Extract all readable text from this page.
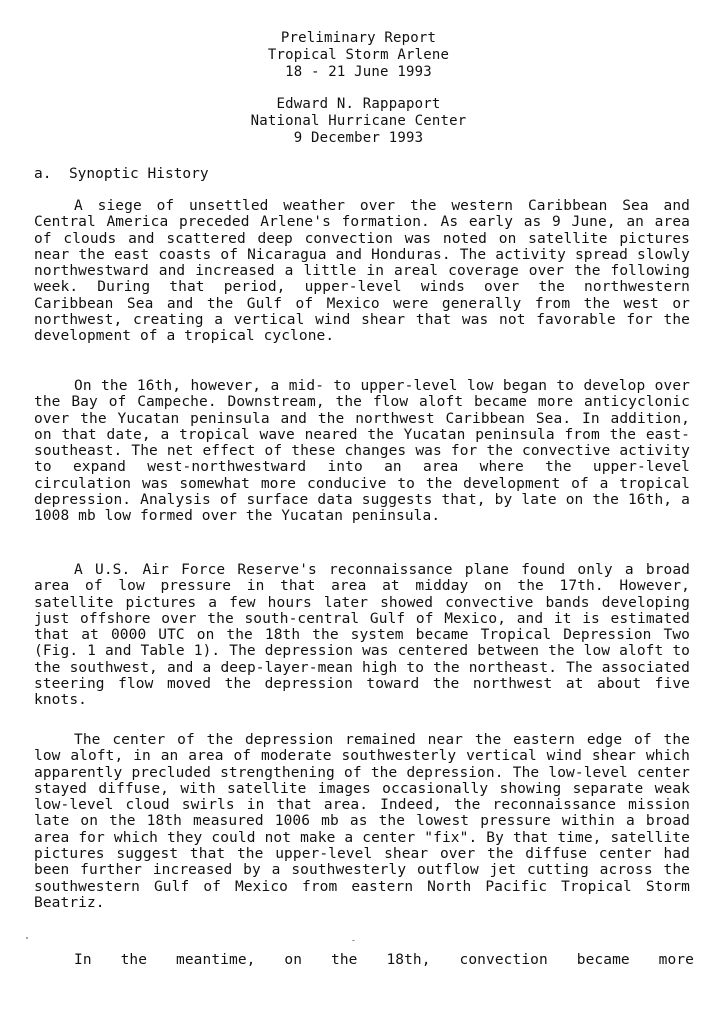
Preliminary Report
Tropical Storm Arlene
18 - 21 June 1993
Edward N. Rappaport
National Hurricane Center
9 December 1993
a. Synoptic History

A siege of unsettled weather over the western Caribbean Sea and Central America preceded Arlene's formation. As early as 9 June, an area of clouds and scattered deep convection was noted on satellite pictures near the east coasts of Nicaragua and Honduras. The activity spread slowly northwestward and increased a little in areal coverage over the following week. During that period, upper-level winds over the northwestern Caribbean Sea and the Gulf of Mexico were generally from the west or northwest, creating a vertical wind shear that was not favorable for the development of a tropical cyclone.

On the 16th, however, a mid- to upper-level low began to develop over the Bay of Campeche. Downstream, the flow aloft became more anticyclonic over the Yucatan peninsula and the northwest Caribbean Sea. In addition, on that date, a tropical wave neared the Yucatan peninsula from the east-southeast. The net effect of these changes was for the convective activity to expand west-northwestward into an area where the upper-level circulation was somewhat more conducive to the development of a tropical depression. Analysis of surface data suggests that, by late on the 16th, a 1008 mb low formed over the Yucatan peninsula.

A U.S. Air Force Reserve's reconnaissance plane found only a broad area of low pressure in that area at midday on the 17th. However, satellite pictures a few hours later showed convective bands developing just offshore over the south-central Gulf of Mexico, and it is estimated that at 0000 UTC on the 18th the system became Tropical Depression Two (Fig. 1 and Table 1). The depression was centered between the low aloft to the southwest, and a deep-layer-mean high to the northeast. The associated steering flow moved the depression toward the northwest at about five knots.

The center of the depression remained near the eastern edge of the low aloft, in an area of moderate southwesterly vertical wind shear which apparently precluded strengthening of the depression. The low-level center stayed diffuse, with satellite images occasionally showing separate weak low-level cloud swirls in that area. Indeed, the reconnaissance mission late on the 18th measured 1006 mb as the lowest pressure within a broad area for which they could not make a center "fix". By that time, satellite pictures suggest that the upper-level shear over the diffuse center had been further increased by a southwesterly outflow jet cutting across the southwestern Gulf of Mexico from eastern North Pacific Tropical Storm Beatriz.

In the meantime, on the 18th, convection became more
